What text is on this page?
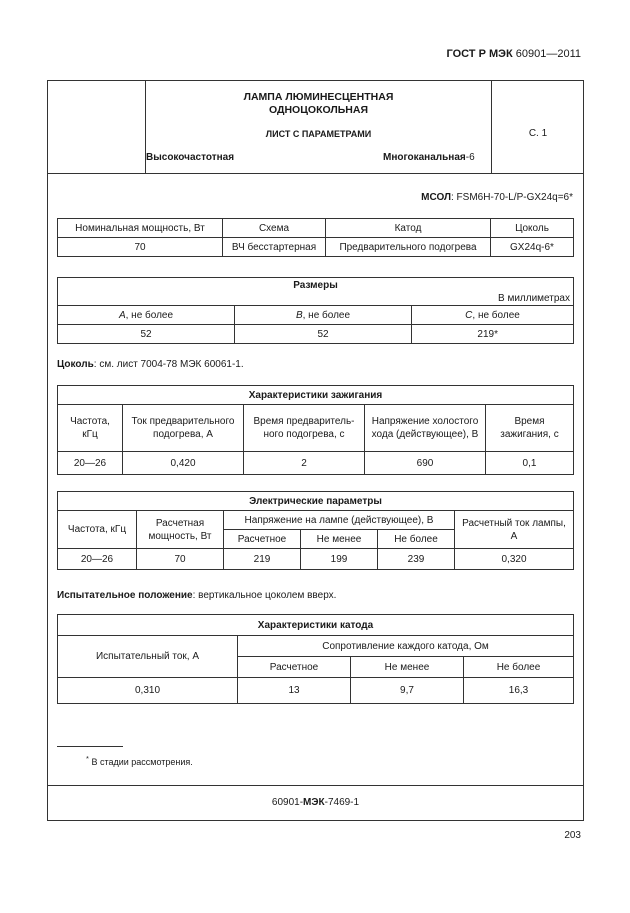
ГОСТ Р МЭК 60901—2011
ЛАМПА ЛЮМИНЕСЦЕНТНАЯ
ОДНОЦОКОЛЬНАЯ
ЛИСТ С ПАРАМЕТРАМИ
Высокочастотная	Многоканальная-6
С. 1
МСОЛ: FSM6H-70-L/P-GX24q=6*
Номинальная мощность, Вт	Схема	Катод	Цоколь
70	ВЧ бесстартерная	Предварительного подогрева	GX24q-6*
Размеры
В миллиметрах		

A, не более	B, не более	C, не более
52	52	219*
Цоколь: см. лист 7004-78 МЭК 60061-1.
Характеристики зажигания				
Частота, кГц	Ток предварительного подогрева, А	Время предваритель-ного подогрева, с	Напряжение холостого хода (действующее), В	Время зажигания, с
20—26	0,420	2	690	0,1
Электрические параметры					
Частота, кГц	Расчетная мощность, Вт	Напряжение на лампе (действующее), В			Расчетный ток лампы, А
		Расчетное	Не менее	Не более	
20—26	70	219	199	239	0,320
Испытательное положение: вертикальное цоколем вверх.
Характеристики катода			
Испытательный ток, А	Сопротивление каждого катода, Ом		
	Расчетное	Не менее	Не более
0,310	13	9,7	16,3
* В стадии рассмотрения.
60901-МЭК-7469-1
203
